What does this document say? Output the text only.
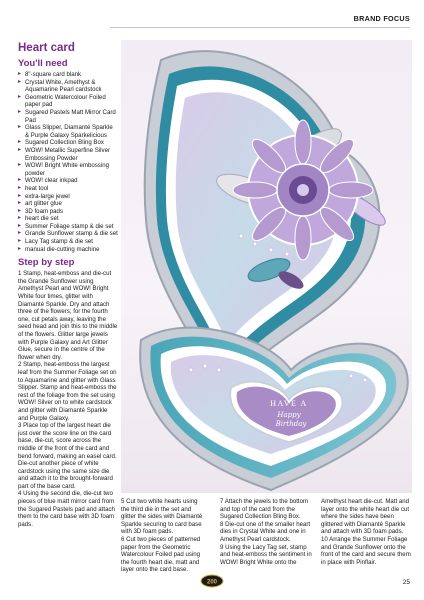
BRAND FOCUS
Heart card
You'll need
▸ 8"-square card blank
▸ Crystal White, Amethyst & Aquamarine Pearl cardstock
▸ Geometric Watercolour Foiled paper pad
▸ Sugared Pastels Matt Mirror Card Pad
▸ Glass Slipper, Diamanté Sparkle & Purple Galaxy Sparkelicious
▸ Sugared Collection Bling Box
▸ WOW! Metallic Superfine Silver Embossing Powder
▸ WOW! Bright White embossing powder
▸ WOW! clear inkpad
▸ heat tool
▸ extra-large jewel
▸ art glitter glue
▸ 3D foam pads
▸ heart die set
▸ Summer Foliage stamp & die set
▸ Grande Sunflower stamp & die set
▸ Lacy Tag stamp & die set
▸ manual die-cutting machine
Step by step

1 Stamp, heat-emboss and die-cut the Grande Sunflower using Amethyst Pearl and WOW! Bright White four times, glitter with Diamanté Sparkle. Dry and attach three of the flowers; for the fourth one, cut petals away, leaving the seed head and join this to the middle of the flowers. Glitter large jewels with Purple Galaxy and Art Glitter Glue, secure in the centre of the flower when dry.
2 Stamp, heat-emboss the largest leaf from the Summer Foliage set on to Aquamarine and glitter with Glass Slipper. Stamp and heat-emboss the rest of the foliage from the set using WOW! Silver on to white cardstock and glitter with Diamanté Sparkle and Purple Galaxy.
3 Place top of the largest heart die just over the score line on the card base, die-cut, score across the middle of the front of the card and bend forward, making an easel card. Die-cut another piece of white cardstock using the same size die and attach it to the brought-forward part of the base card.
4 Using the second die, die-cut two pieces of blue matt mirror card from the Sugared Pastels pad and attach them to the card base with 3D foam pads.

HAVE A
Happy
Birthday

5 Cut two white hearts using the third die in the set and glitter the sides with Diamanté Sparkle securing to card base with 3D foam pads.
6 Cut two pieces of patterned paper from the Geometric Watercolour Foiled pad using the fourth heart die, matt and layer onto the card base.

7 Attach the jewels to the bottom and top of the card from the Sugared Collection Bling Box.
8 Die-cut one of the smaller heart dies in Crystal White and one in Amethyst Pearl cardstock.
9 Using the Lacy Tag set, stamp and heat-emboss the sentiment in WOW! Bright White onto the

Amethyst heart die-cut. Matt and layer onto the white heart die cut where the sides have been glittered with Diamanté Sparkle and attach with 3D foam pads.
10 Arrange the Summer Foliage and Grande Sunflower onto the front of the card and secure them in place with Pinflair.

200	25
